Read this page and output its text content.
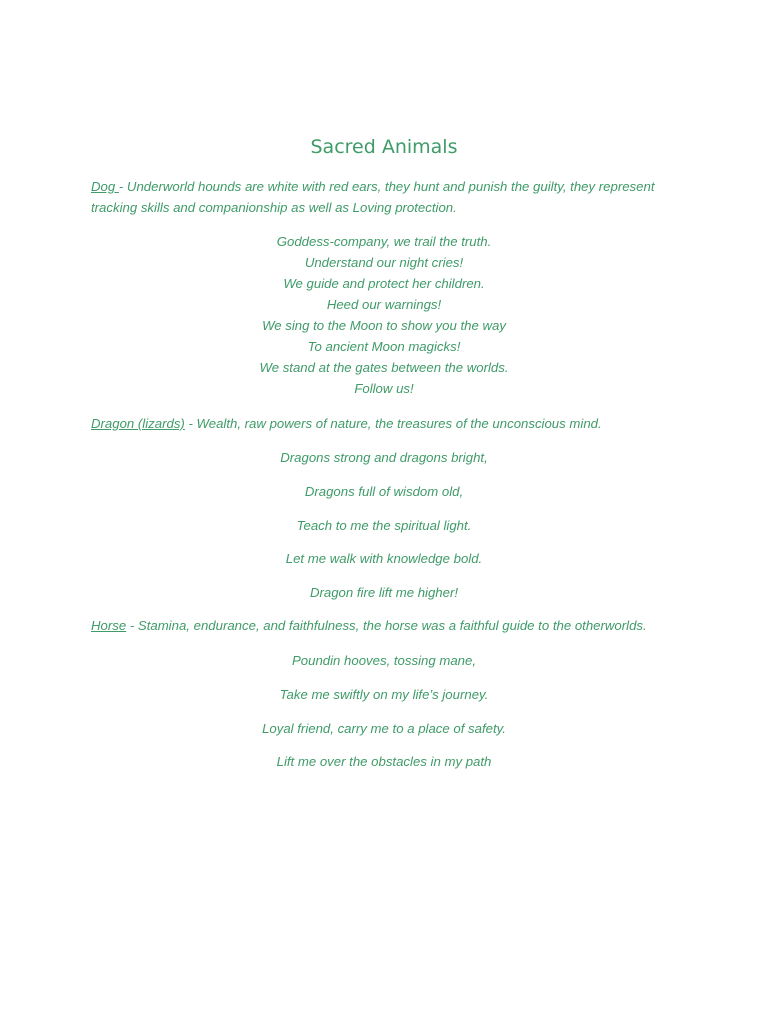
Sacred Animals
Dog - Underworld hounds are white with red ears, they hunt and punish the guilty, they represent tracking skills and companionship as well as Loving protection.
Goddess-company, we trail the truth.
Understand our night cries!
We guide and protect her children.
Heed our warnings!
We sing to the Moon to show you the way
To ancient Moon magicks!
We stand at the gates between the worlds.
Follow us!
Dragon (lizards) - Wealth, raw powers of nature, the treasures of the unconscious mind.
Dragons strong and dragons bright,
Dragons full of wisdom old,
Teach to me the spiritual light.
Let me walk with knowledge bold.
Dragon fire lift me higher!
Horse - Stamina, endurance, and faithfulness, the horse was a faithful guide to the otherworlds.
Poundin hooves, tossing mane,
Take me swiftly on my life’s journey.
Loyal friend, carry me to a place of safety.
Lift me over the obstacles in my path
